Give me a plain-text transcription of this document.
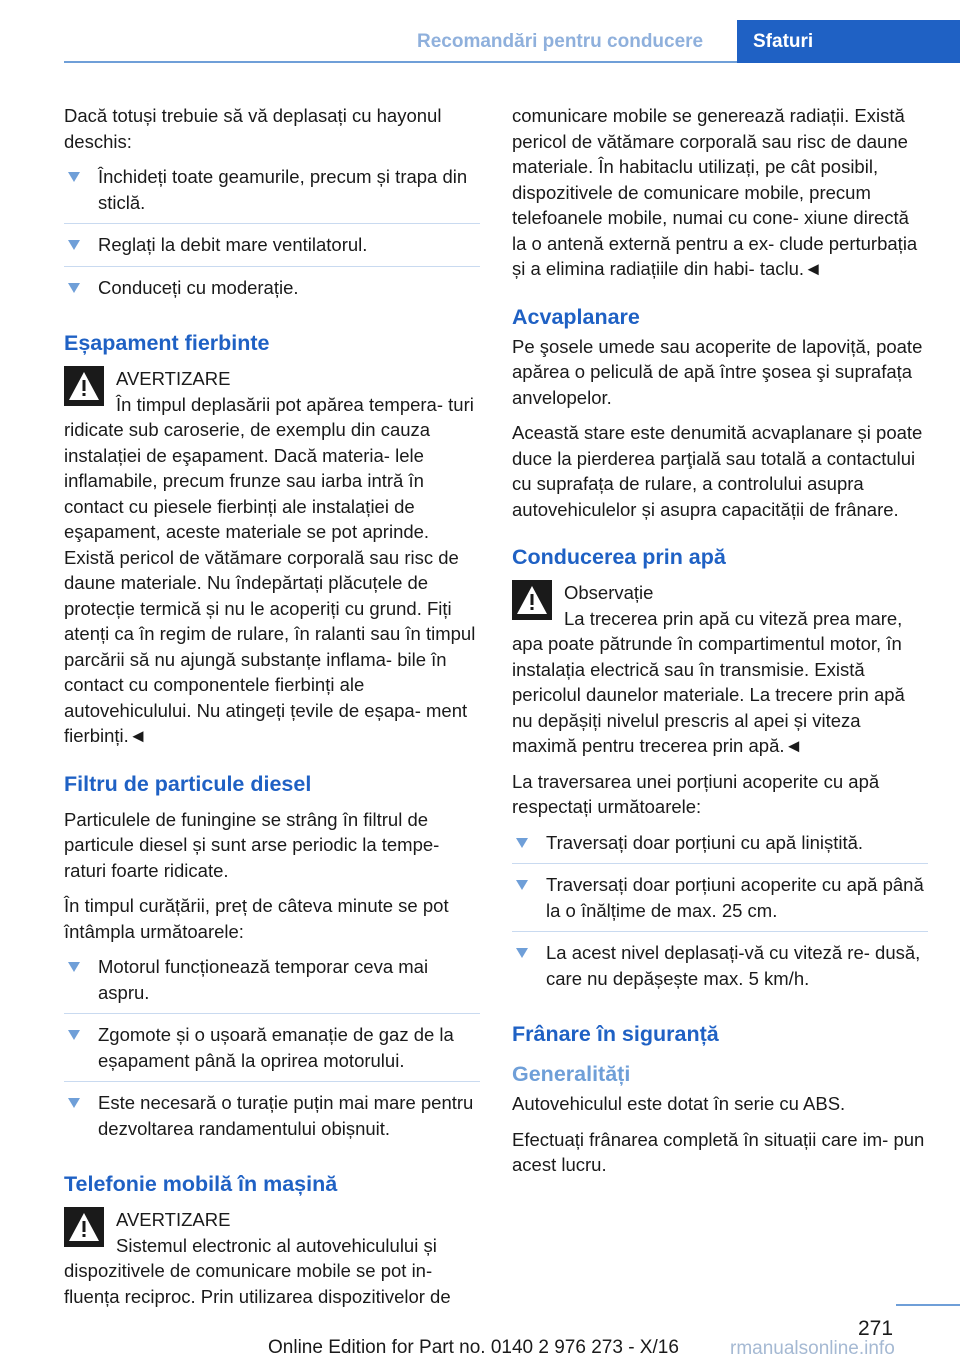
Recomandări pentru conducere	Sfaturi

Dacă totuși trebuie să vă deplasați cu hayonul deschis:

Închideți toate geamurile, precum și trapa din sticlă.
Reglați la debit mare ventilatorul.
Conduceți cu moderație.
Eșapament fierbinte
AVERTIZARE
În timpul deplasării pot apărea tempera- turi ridicate sub caroserie, de exemplu din cauza instalației de eşapament. Dacă materia- lele inflamabile, precum frunze sau iarba intră în contact cu piesele fierbinți ale instalației de eşapament, aceste materiale se pot aprinde. Există pericol de vătămare corporală sau risc de daune materiale. Nu îndepărtați plăcuțele de protecție termică și nu le acoperiți cu grund. Fiți atenți ca în regim de rulare, în ralanti sau în timpul parcării să nu ajungă substanțe inflama- bile în contact cu componentele fierbinți ale autovehiculului. Nu atingeți țevile de eșapa- ment fierbinți.◄
Filtru de particule diesel

Particulele de funingine se strâng în filtrul de particule diesel și sunt arse periodic la tempe- raturi foarte ridicate.

În timpul curățării, preț de câteva minute se pot întâmpla următoarele:

Motorul funcționează temporar ceva mai aspru.
Zgomote și o ușoară emanație de gaz de la eșapament până la oprirea motorului.
Este necesară o turație puțin mai mare pentru dezvoltarea randamentului obișnuit.
Telefonie mobilă în mașină
AVERTIZARE
Sistemul electronic al autovehiculului și dispozitivele de comunicare mobile se pot in- fluența reciproc. Prin utilizarea dispozitivelor de

comunicare mobile se generează radiații. Există pericol de vătămare corporală sau risc de daune materiale. În habitaclu utilizați, pe cât posibil, dispozitivele de comunicare mobile, precum telefoanele mobile, numai cu cone- xiune directă la o antenă externă pentru a ex- clude perturbația și a elimina radiațiile din habi- taclu.◄

Acvaplanare

Pe şosele umede sau acoperite de lapoviță, poate apărea o peliculă de apă între şosea şi suprafața anvelopelor.

Această stare este denumită acvaplanare și poate duce la pierderea parţială sau totală a contactului cu suprafața de rulare, a controlului asupra autovehiculelor și asupra capacității de frânare.

Conducerea prin apă
Observație
La trecerea prin apă cu viteză prea mare, apa poate pătrunde în compartimentul motor, în instalația electrică sau în transmisie. Există pericolul daunelor materiale. La trecere prin apă nu depășiți nivelul prescris al apei și viteza maximă pentru trecerea prin apă.◄

La traversarea unei porțiuni acoperite cu apă respectați următoarele:

Traversați doar porțiuni cu apă liniștită.
Traversați doar porțiuni acoperite cu apă până la o înălțime de max. 25 cm.
La acest nivel deplasați-vă cu viteză re- dusă, care nu depășește max. 5 km/h.
Frânare în siguranță
Generalități

Autovehiculul este dotat în serie cu ABS.

Efectuați frânarea completă în situații care im- pun acest lucru.

271
Online Edition for Part no. 0140 2 976 273 - X/16	rmanualsonline.info
